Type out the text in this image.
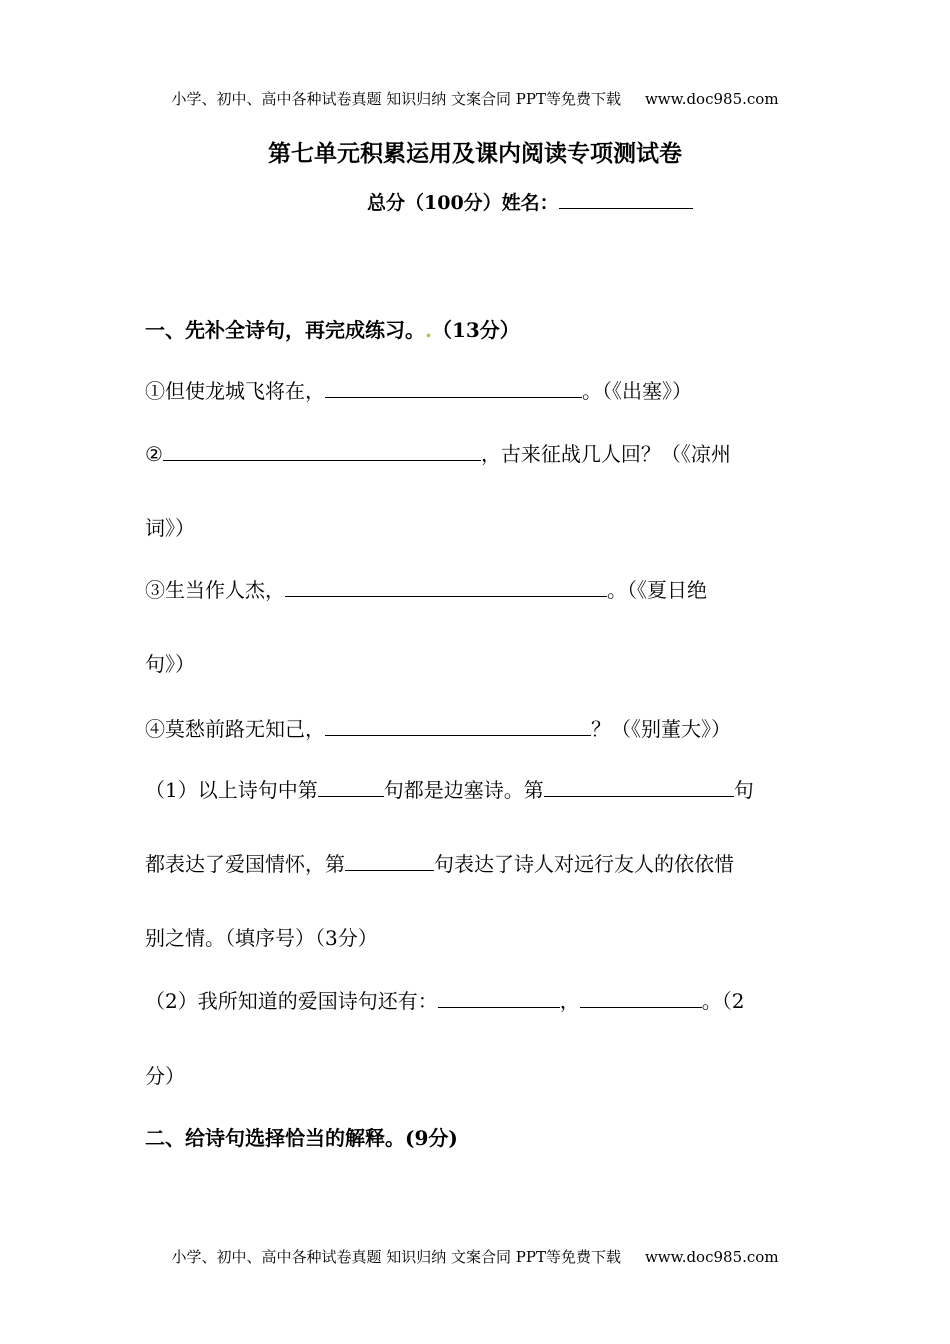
小学、初中、高中各种试卷真题 知识归纳 文案合同 PPT等免费下载 www.doc985.com
第七单元积累运用及课内阅读专项测试卷
总分（100分）姓名：
一、先补全诗句，再完成练习。.（13分）
①但使龙城飞将在，	。（《出塞》）
②	，古来征战几人回？（《凉州
词》）
③生当作人杰，	。（《夏日绝
句》）
④莫愁前路无知己，	？（《别董大》）
（1）以上诗句中第	句都是边塞诗。第	句
都表达了爱国情怀，第	句表达了诗人对远行友人的依依惜
别之情。（填序号）（3分）
（2）我所知道的爱国诗句还有：	，	。（2
分）
二、给诗句选择恰当的解释。(9分)
小学、初中、高中各种试卷真题 知识归纳 文案合同 PPT等免费下载 www.doc985.com
